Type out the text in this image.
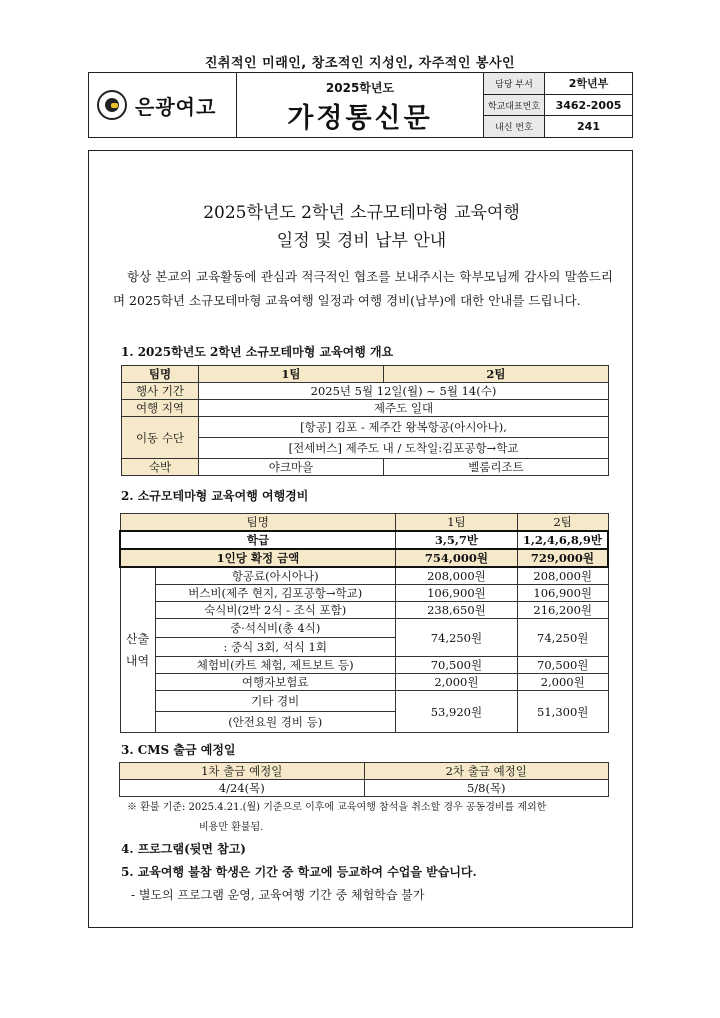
진취적인 미래인, 창조적인 지성인, 자주적인 봉사인
은광여고
2025학년도
가정통신문
담당 부서	2학년부
학교대표번호	3462-2005
내신 번호	241
2025학년도 2학년 소규모테마형 교육여행
일정 및 경비 납부 안내
항상 본교의 교육활동에 관심과 적극적인 협조를 보내주시는 학부모님께 감사의 말씀드리며 2025학년 소규모테마형 교육여행 일정과 여행 경비(납부)에 대한 안내를 드립니다.
1. 2025학년도 2학년 소규모테마형 교육여행 개요
팀명	1팀	2팀
행사 기간	2025년 5월 12일(월) ~ 5월 14(수)	
여행 지역	제주도 일대	
이동 수단	[항공] 김포 - 제주간 왕복항공(아시아나),	
	[전세버스] 제주도 내 / 도착일:김포공항→학교	
숙박	야크마을	벨룸리조트
2. 소규모테마형 교육여행 여행경비
팀명		1팀	2팀
학급		3,5,7반	1,2,4,6,8,9반
1인당 확정 금액		754,000원	729,000원
산출
내역	항공료(아시아나)	208,000원	208,000원
	버스비(제주 현지, 김포공항→학교)	106,900원	106,900원
	숙식비(2박 2식 - 조식 포함)	238,650원	216,200원
	중·석식비(총 4식)	74,250원	74,250원
	: 중식 3회, 석식 1회		
	체험비(카트 체험, 제트보트 등)	70,500원	70,500원
	여행자보험료	2,000원	2,000원
	기타 경비	53,920원	51,300원
	(안전요원 경비 등)		
3. CMS 출금 예정일
1차 출금 예정일	2차 출금 예정일
4/24(목)	5/8(목)
※ 환불 기준: 2025.4.21.(월) 기준으로 이후에 교육여행 참석을 취소할 경우 공동경비를 제외한
비용만 환불됨.
4. 프로그램(뒷면 참고)
5. 교육여행 불참 학생은 기간 중 학교에 등교하여 수업을 받습니다.
- 별도의 프로그램 운영, 교육여행 기간 중 체험학습 불가
